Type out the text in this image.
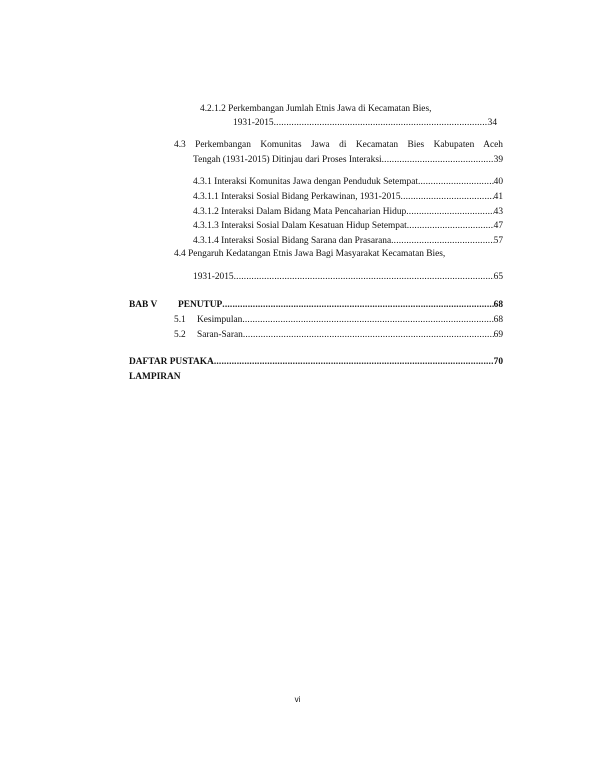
4.2.1.2 Perkembangan Jumlah Etnis Jawa di Kecamatan Bies,
1931-2015 .....	34
4.3 Perkembangan Komunitas Jawa di Kecamatan Bies Kabupaten Aceh
Tengah (1931-2015) Ditinjau dari Proses Interaksi .....	39
4.3.1 Interaksi Komunitas Jawa dengan Penduduk Setempat .....	40
4.3.1.1 Interaksi Sosial Bidang Perkawinan, 1931-2015 .....	41
4.3.1.2 Interaksi Dalam Bidang Mata Pencaharian Hidup .....	43
4.3.1.3 Interaksi Sosial Dalam Kesatuan Hidup Setempat .....	47
4.3.1.4 Interaksi Sosial Bidang Sarana dan Prasarana .....	57
4.4 Pengaruh Kedatangan Etnis Jawa Bagi Masyarakat Kecamatan Bies,
1931-2015 .....	65
BAB V	PENUTUP .....	68
5.1	Kesimpulan .....	68
5.2	Saran-Saran .....	69
DAFTAR PUSTAKA .....	70
LAMPIRAN
vi
